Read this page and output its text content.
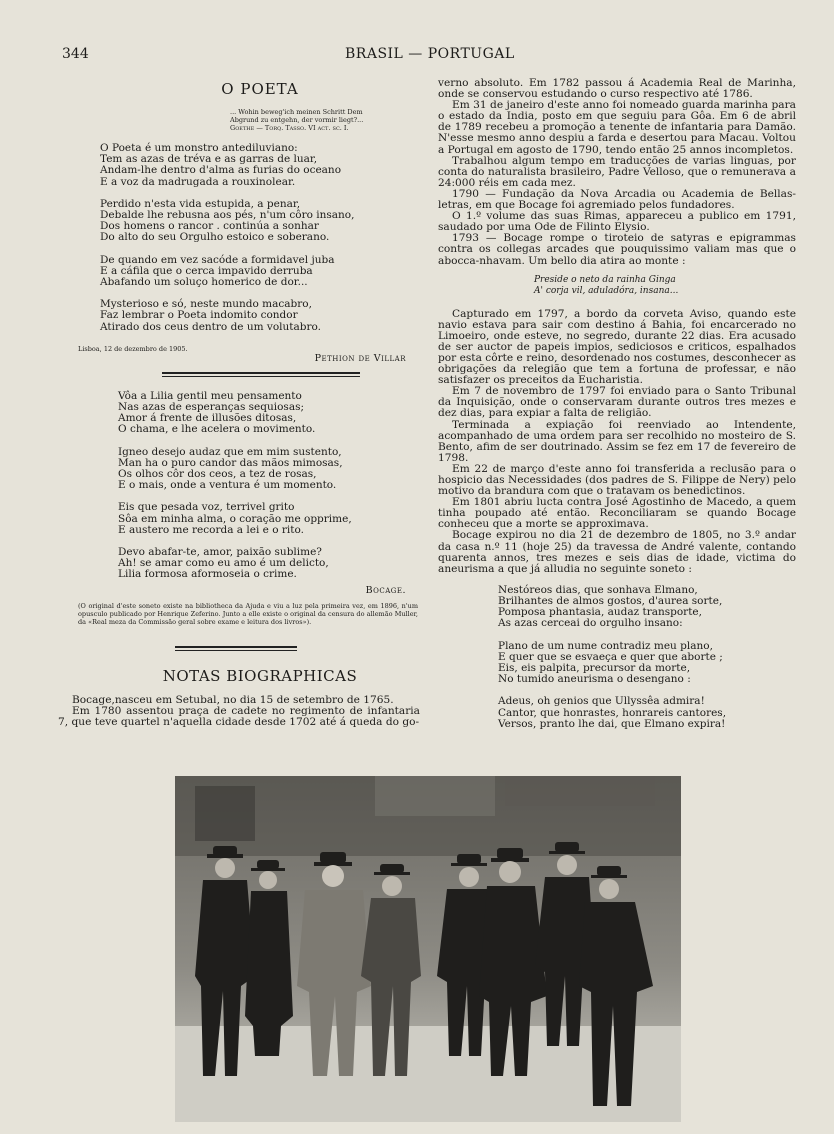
344	BRASIL — PORTUGAL
O POETA

... Wohin beweg'ich meinen Schritt Dem

Abgrund zu entgehn, der vormir liegt?...

Goethe — Torq. Tasso. VI act. sc. I.

O Poeta é um monstro antediluviano:

Tem as azas de tréva e as garras de luar,

Andam-lhe dentro d'alma as furias do oceano

E a voz da madrugada a rouxinolear.

Perdido n'esta vida estupida, a penar,

Debalde lhe rebusna aos pés, n'um côro insano,

Dos homens o rancor . continúa a sonhar

Do alto do seu Orgulho estoico e soberano.

De quando em vez sacóde a formidavel juba

E a cáfila que o cerca impavido derruba

Abafando um soluço homerico de dor...

Mysterioso e só, neste mundo macabro,

Faz lembrar o Poeta indomito condor

Atirado dos ceus dentro de um volutabro.

Lisboa, 12 de dezembro de 1905.
Pethion de Villar

Vôa a Lilia gentil meu pensamento

Nas azas de esperanças sequiosas;

Amor á frente de illusões ditosas,

O chama, e lhe acelera o movimento.

Igneo desejo audaz que em mim sustento,

Man ha o puro candor das mãos mimosas,

Os olhos côr dos ceos, a tez de rosas,

E o mais, onde a ventura é um momento.

Eis que pesada voz, terrivel grito

Sôa em minha alma, o coração me opprime,

E austero me recorda a lei e o rito.

Devo abafar-te, amor, paixão sublime?

Ah! se amar como eu amo é um delicto,

Lilia formosa aformoseia o crime.

Bocage.
(O original d'este soneto existe na bibliotheca da Ajuda e viu a luz pela primeira vez, em 1896, n'um opusculo publicado por Henrique Zeferino. Junto a elle existe o original da censura do allemão Muller, da «Real meza da Commissão geral sobre exame e leitura dos livros»).
NOTAS BIOGRAPHICAS

Bocage,nasceu em Setubal, no dia 15 de setembro de 1765.

Em 1780 assentou praça de cadete no regimento de infantaria 7, que teve quartel n'aquella cidade desde 1702 até á queda do go-

verno absoluto. Em 1782 passou á Academia Real de Marinha, onde se conservou estudando o curso respectivo até 1786.

Em 31 de janeiro d'este anno foi nomeado guarda marinha para o estado da India, posto em que seguiu para Gôa. Em 6 de abril de 1789 recebeu a promoção a tenente de infantaria para Damão. N'esse mesmo anno despiu a farda e desertou para Macau. Voltou a Portugal em agosto de 1790, tendo então 25 annos incompletos.

Trabalhou algum tempo em traducções de varias linguas, por conta do naturalista brasileiro, Padre Velloso, que o remunerava a 24:000 réis em cada mez.

1790 — Fundação da Nova Arcadia ou Academia de Bellas-letras, em que Bocage foi agremiado pelos fundadores.

O 1.º volume das suas Rimas, appareceu a publico em 1791, saudado por uma Ode de Filinto Elysio.

1793 — Bocage rompe o tiroteio de satyras e epigrammas contra os collegas arcades que pouquissimo valiam mas que o abocca-nhavam. Um bello dia atira ao monte :

Preside o neto da rainha Ginga

A' corja vil, aduladóra, insana...

Capturado em 1797, a bordo da corveta Aviso, quando este navio estava para sair com destino á Bahia, foi encarcerado no Limoeiro, onde esteve, no segredo, durante 22 dias. Era acusado de ser auctor de papeis impios, sediciosos e criticos, espalhados por esta côrte e reino, desordenado nos costumes, desconhecer as obrigações da relegião que tem a fortuna de professar, e não satisfazer os preceitos da Eucharistia.

Em 7 de novembro de 1797 foi enviado para o Santo Tribunal da Inquisição, onde o conservaram durante outros tres mezes e dez dias, para expiar a falta de religião.

Terminada a expiação foi reenviado ao Intendente, acompanhado de uma ordem para ser recolhido no mosteiro de S. Bento, afim de ser doutrinado. Assim se fez em 17 de fevereiro de 1798.

Em 22 de março d'este anno foi transferida a reclusão para o hospicio das Necessidades (dos padres de S. Filippe de Nery) pelo motivo da brandura com que o tratavam os benedictinos.

Em 1801 abriu lucta contra José Agostinho de Macedo, a quem tinha poupado até então. Reconciliaram se quando Bocage conheceu que a morte se approximava.

Bocage expirou no dia 21 de dezembro de 1805, no 3.º andar da casa n.º 11 (hoje 25) da travessa de André valente, contando quarenta annos, tres mezes e seis dias de idade, victima do aneurisma a que já alludia no seguinte soneto :

Nestóreos dias, que sonhava Elmano,

Brilhantes de almos gostos, d'aurea sorte,

Pomposa phantasia, audaz transporte,

As azas cerceai do orgulho insano:

Plano de um nume contradiz meu plano,

E quer que se esvaeça e quer que aborte ;

Eis, eis palpita, precursor da morte,

No tumido aneurisma o desengano :

Adeus, oh genios que Ullyssêa admira!

Cantor, que honrastes, honrareis cantores,

Versos, pranto lhe dai, que Elmano expira!
